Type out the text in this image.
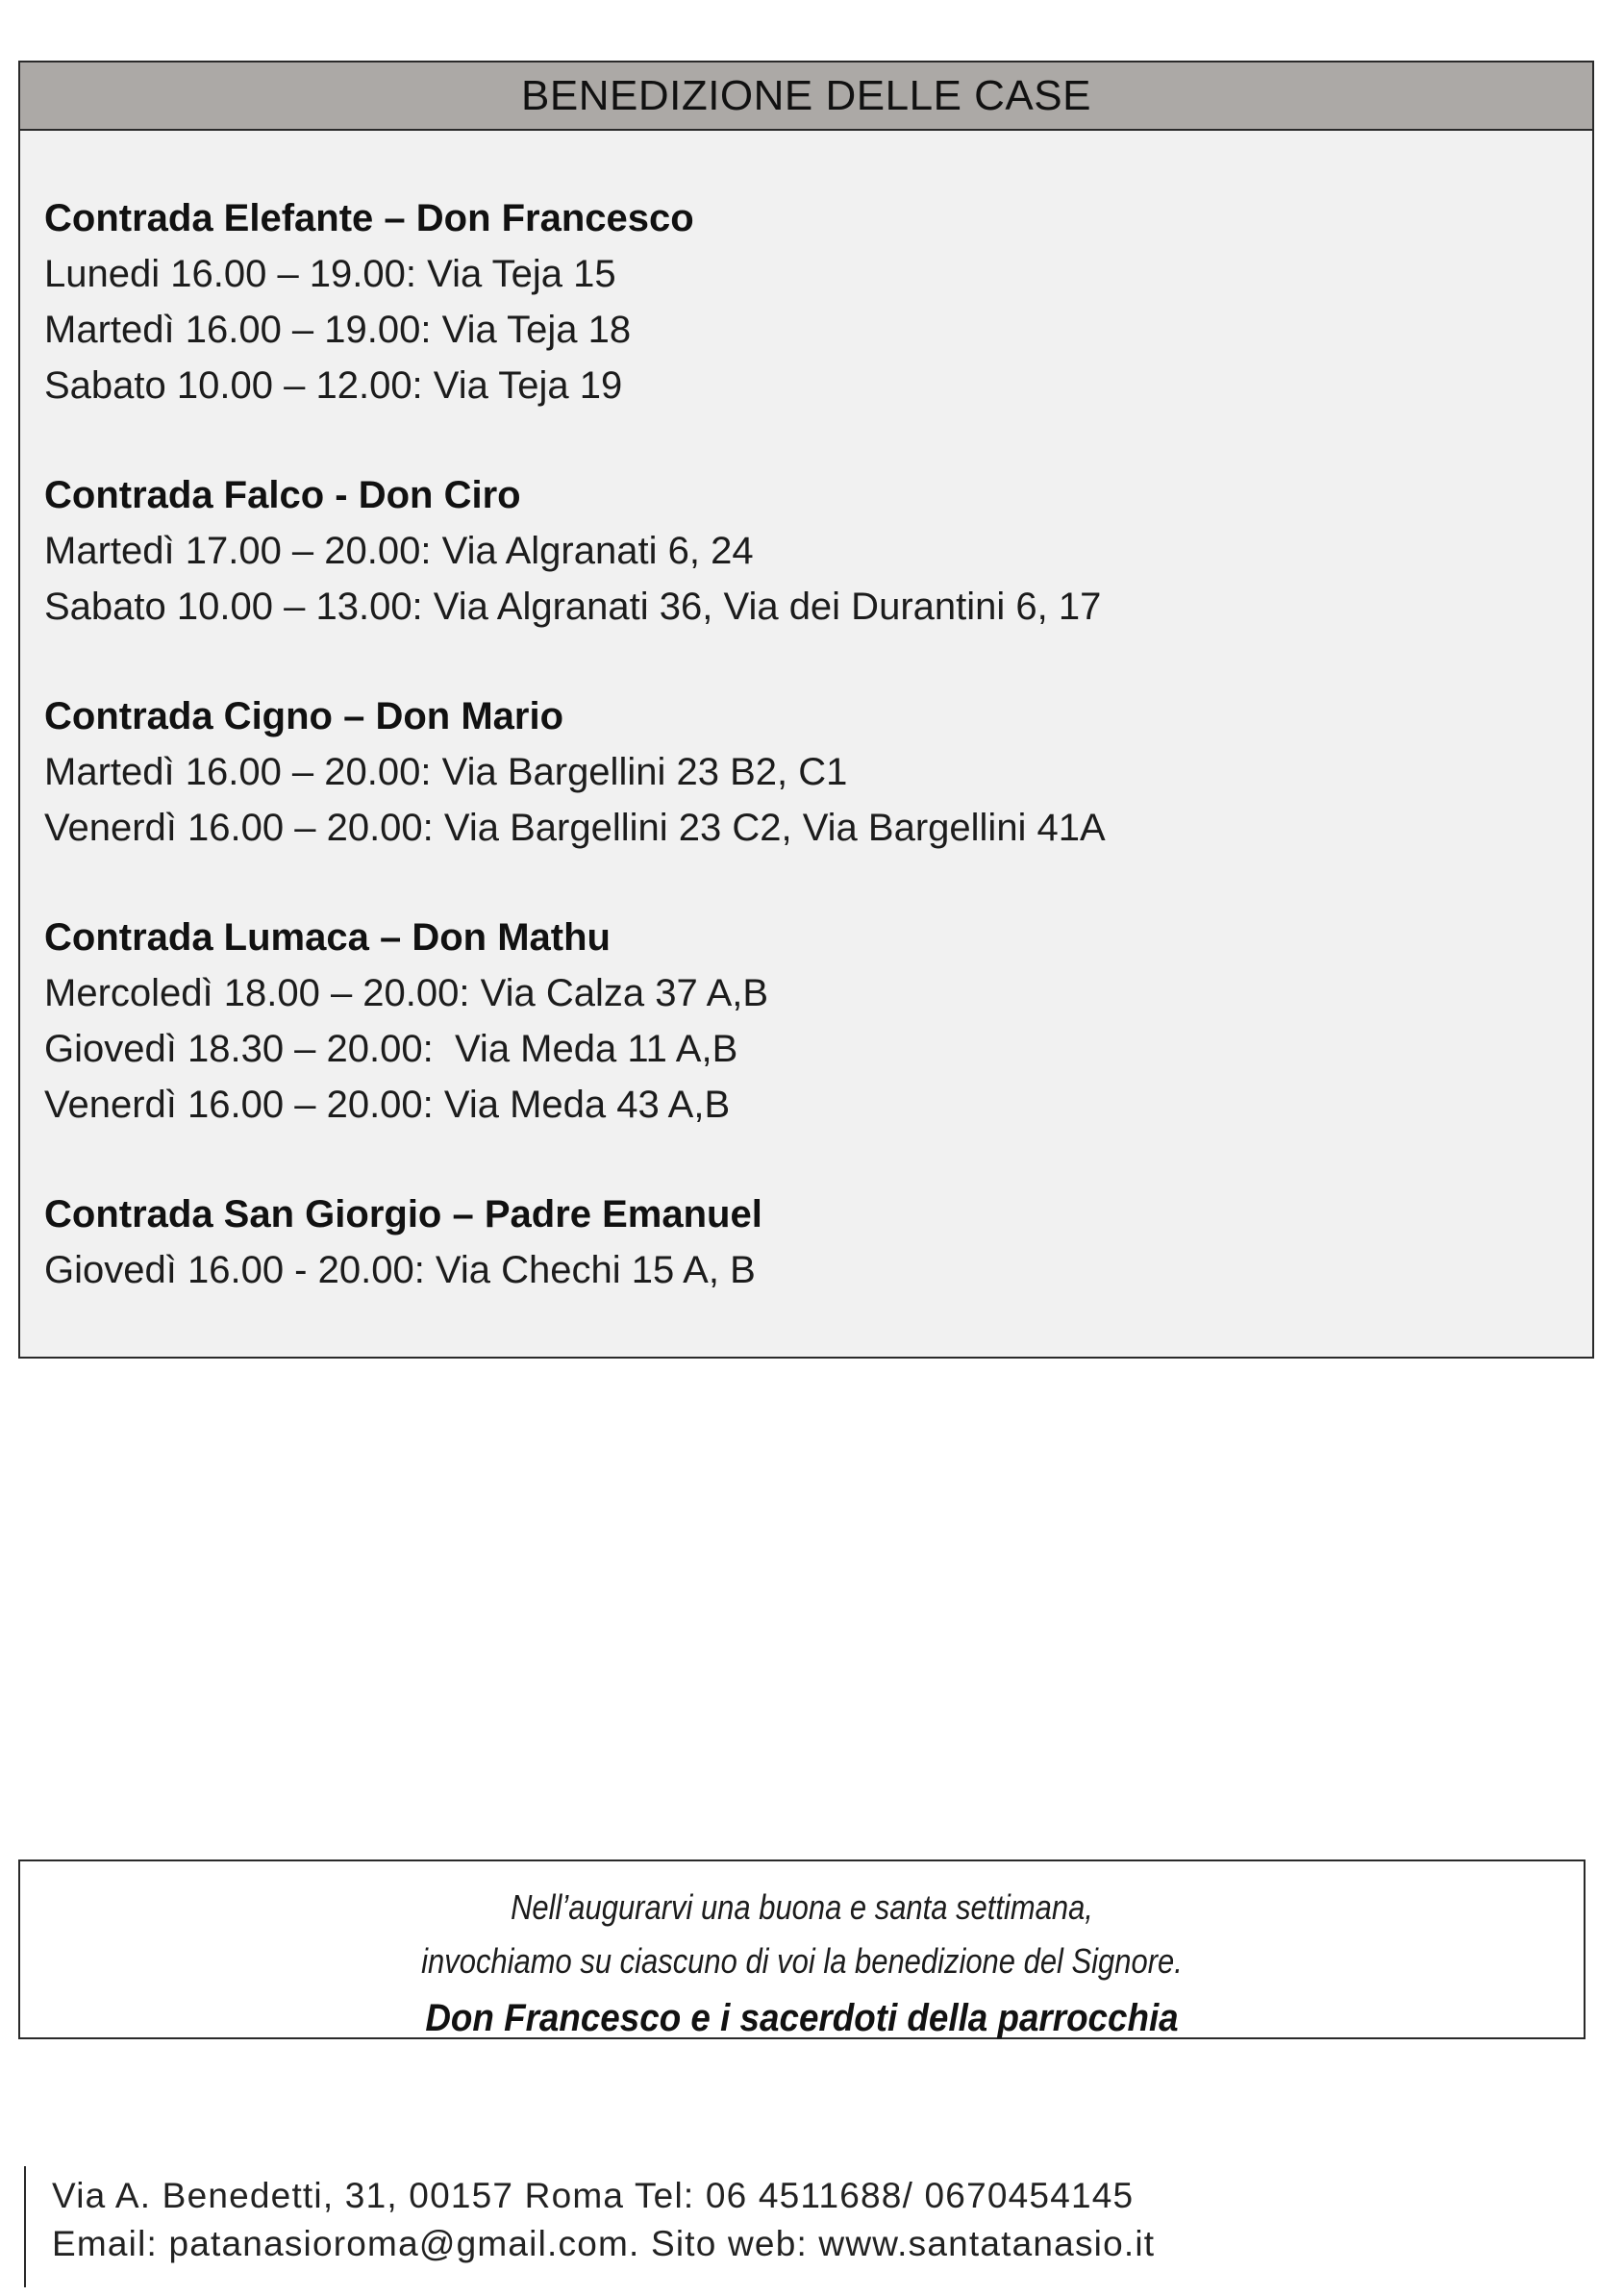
BENEDIZIONE DELLE CASE
Contrada Elefante – Don Francesco
Lunedi 16.00 – 19.00: Via Teja 15
Martedì 16.00 – 19.00: Via Teja 18
Sabato 10.00 – 12.00: Via Teja 19
Contrada Falco - Don Ciro
Martedì 17.00 – 20.00: Via Algranati 6, 24
Sabato 10.00 – 13.00: Via Algranati 36, Via dei Durantini 6, 17
Contrada Cigno – Don Mario
Martedì 16.00 – 20.00: Via Bargellini 23 B2, C1
Venerdì 16.00 – 20.00: Via Bargellini 23 C2, Via Bargellini 41A
Contrada Lumaca – Don Mathu
Mercoledì 18.00 – 20.00: Via Calza 37 A,B
Giovedì 18.30 – 20.00:  Via Meda 11 A,B
Venerdì 16.00 – 20.00: Via Meda 43 A,B
Contrada San Giorgio – Padre Emanuel
Giovedì 16.00 - 20.00: Via Chechi 15 A, B
Nell’augurarvi una buona e santa settimana,
invochiamo su ciascuno di voi la benedizione del Signore.
Don Francesco e i sacerdoti della parrocchia
Via A. Benedetti, 31, 00157 Roma Tel: 06 4511688/ 0670454145
Email: patanasioroma@gmail.com. Sito web: www.santatanasio.it
